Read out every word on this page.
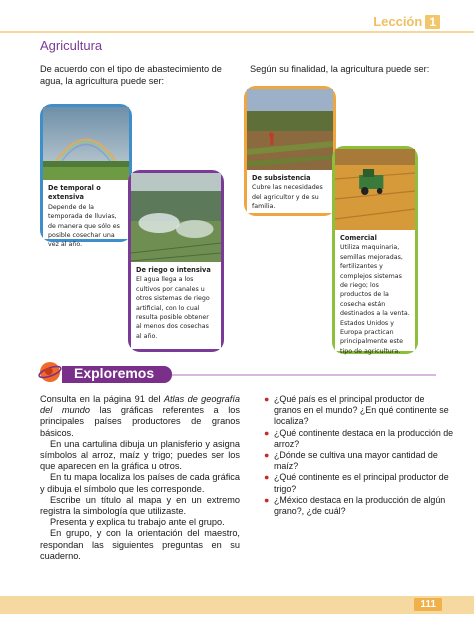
Lección 1
Agricultura
De acuerdo con el tipo de abastecimiento de agua, la agricultura puede ser:
Según su finalidad, la agricultura puede ser:
De temporal o extensiva
Depende de la temporada de lluvias, de manera que sólo es posible cosechar una vez al año.
De riego o intensiva
El agua llega a los cultivos por canales u otros sistemas de riego artificial, con lo cual resulta posible obtener al menos dos cosechas al año.
De subsistencia
Cubre las necesidades del agricultor y de su familia.
Comercial
Utiliza maquinaria, semillas mejoradas, fertilizantes y complejos sistemas de riego; los productos de la cosecha están destinados a la venta. Estados Unidos y Europa practican principalmente este tipo de agricultura.
Exploremos

Consulta en la página 91 del Atlas de geografía del mundo las gráficas referentes a los principales países productores de granos básicos.

En una cartulina dibuja un planisferio y asigna símbolos al arroz, maíz y trigo; puedes ser los que aparecen en la gráfica u otros.

En tu mapa localiza los países de cada gráfica y dibuja el símbolo que les corresponde.

Escribe un título al mapa y en un extremo registra la simbología que utilizaste.

Presenta y explica tu trabajo ante el grupo.

En grupo, y con la orientación del maestro, respondan las siguientes preguntas en su cuaderno.

● ¿Qué país es el principal productor de granos en el mundo? ¿En qué continente se localiza?
● ¿Qué continente destaca en la producción de arroz?
● ¿Dónde se cultiva una mayor cantidad de maíz?
● ¿Qué continente es el principal productor de trigo?
● ¿México destaca en la producción de algún grano?, ¿de cuál?
111
